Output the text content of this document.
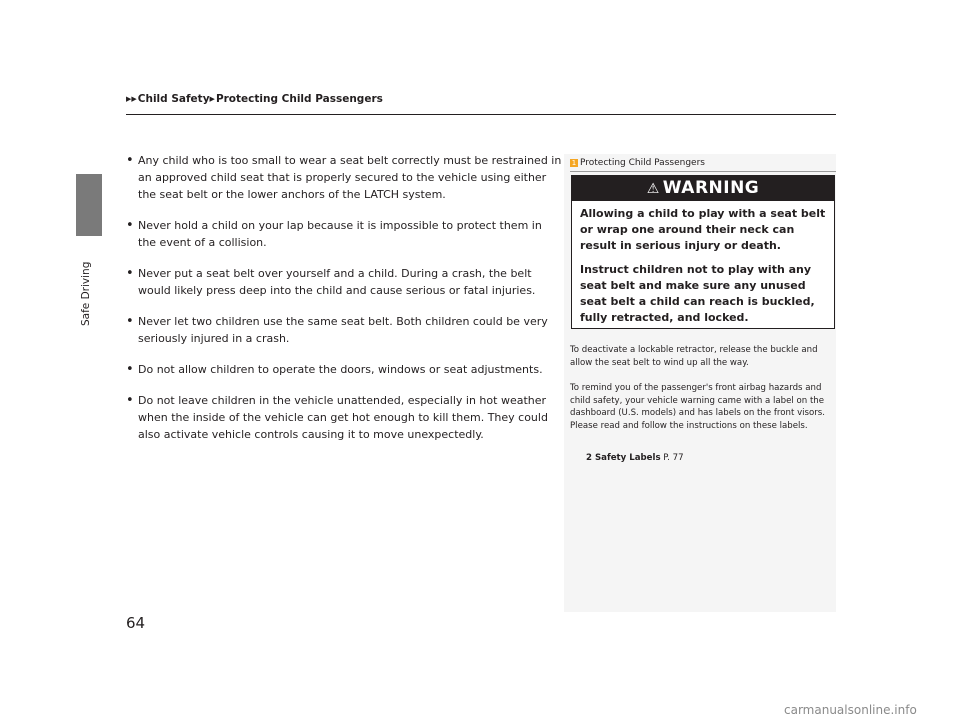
Safe Driving
▶▶Child Safety▶Protecting Child Passengers
• Any child who is too small to wear a seat belt correctly must be restrained in an approved child seat that is properly secured to the vehicle using either the seat belt or the lower anchors of the LATCH system.
• Never hold a child on your lap because it is impossible to protect them in the event of a collision.
• Never put a seat belt over yourself and a child. During a crash, the belt would likely press deep into the child and cause serious or fatal injuries.
• Never let two children use the same seat belt. Both children could be very seriously injured in a crash.
• Do not allow children to operate the doors, windows or seat adjustments.
• Do not leave children in the vehicle unattended, especially in hot weather when the inside of the vehicle can get hot enough to kill them. They could also activate vehicle controls causing it to move unexpectedly.
1 Protecting Child Passengers
⚠ WARNING

Allowing a child to play with a seat belt or wrap one around their neck can result in serious injury or death.

Instruct children not to play with any seat belt and make sure any unused seat belt a child can reach is buckled, fully retracted, and locked.

To deactivate a lockable retractor, release the buckle and allow the seat belt to wind up all the way.

To remind you of the passenger's front airbag hazards and child safety, your vehicle warning came with a label on the dashboard (U.S. models) and has labels on the front visors. Please read and follow the instructions on these labels.

2 Safety Labels P. 77
64
carmanualsonline.info
